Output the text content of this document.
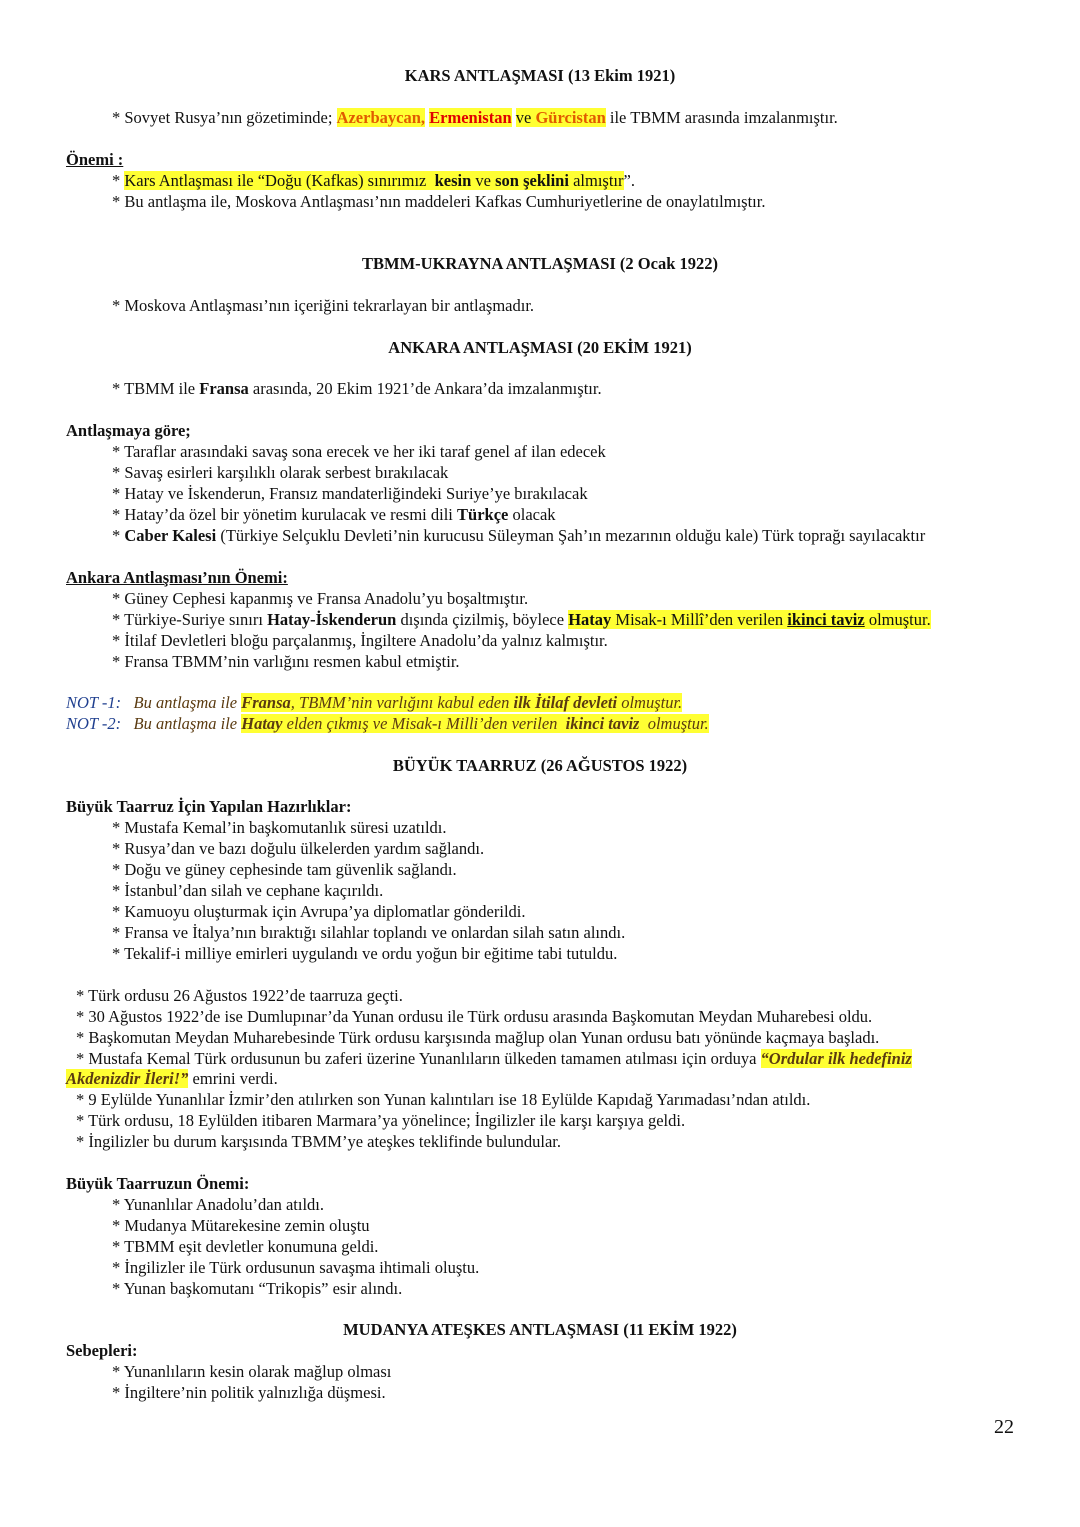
KARS ANTLAŞMASI (13 Ekim 1921)
* Sovyet Rusya’nın gözetiminde; Azerbaycan, Ermenistan ve Gürcistan ile TBMM arasında imzalanmıştır.
Önemi :
* Kars Antlaşması ile “Doğu (Kafkas) sınırımız kesin ve son şeklini almıştır”.
* Bu antlaşma ile, Moskova Antlaşması’nın maddeleri Kafkas Cumhuriyetlerine de onaylatılmıştır.
TBMM-UKRAYNA ANTLAŞMASI (2 Ocak 1922)
* Moskova Antlaşması’nın içeriğini tekrarlayan bir antlaşmadır.
ANKARA ANTLAŞMASI (20 EKİM 1921)
* TBMM ile Fransa arasında, 20 Ekim 1921’de Ankara’da imzalanmıştır.
Antlaşmaya göre;
* Taraflar arasındaki savaş sona erecek ve her iki taraf genel af ilan edecek
* Savaş esirleri karşılıklı olarak serbest bırakılacak
* Hatay ve İskenderun, Fransız mandaterliğindeki Suriye’ye bırakılacak
* Hatay’da özel bir yönetim kurulacak ve resmi dili Türkçe olacak
* Caber Kalesi (Türkiye Selçuklu Devleti’nin kurucusu Süleyman Şah’ın mezarının olduğu kale) Türk toprağı sayılacaktır
Ankara Antlaşması’nın Önemi:
* Güney Cephesi kapanmış ve Fransa Anadolu’yu boşaltmıştır.
* Türkiye-Suriye sınırı Hatay-İskenderun dışında çizilmiş, böylece Hatay Misak-ı Millî’den verilen ikinci taviz olmuştur.
* İtilaf Devletleri bloğu parçalanmış, İngiltere Anadolu’da yalnız kalmıştır.
* Fransa TBMM’nin varlığını resmen kabul etmiştir.
NOT -1: Bu antlaşma ile Fransa, TBMM’nin varlığını kabul eden ilk İtilaf devleti olmuştur.
NOT -2: Bu antlaşma ile Hatay elden çıkmış ve Misak-ı Milli’den verilen ikinci taviz olmuştur.
BÜYÜK TAARRUZ (26 AĞUSTOS 1922)
Büyük Taarruz İçin Yapılan Hazırlıklar:
* Mustafa Kemal’in başkomutanlık süresi uzatıldı.
* Rusya’dan ve bazı doğulu ülkelerden yardım sağlandı.
* Doğu ve güney cephesinde tam güvenlik sağlandı.
* İstanbul’dan silah ve cephane kaçırıldı.
* Kamuoyu oluşturmak için Avrupa’ya diplomatlar gönderildi.
* Fransa ve İtalya’nın bıraktığı silahlar toplandı ve onlardan silah satın alındı.
* Tekalif-i milliye emirleri uygulandı ve ordu yoğun bir eğitime tabi tutuldu.
* Türk ordusu 26 Ağustos 1922’de taarruza geçti.
* 30 Ağustos 1922’de ise Dumlupınar’da Yunan ordusu ile Türk ordusu arasında Başkomutan Meydan Muharebesi oldu.
* Başkomutan Meydan Muharebesinde Türk ordusu karşısında mağlup olan Yunan ordusu batı yönünde kaçmaya başladı.
* Mustafa Kemal Türk ordusunun bu zaferi üzerine Yunanlıların ülkeden tamamen atılması için orduya “Ordular ilk hedefiniz
Akdenizdir İleri!” emrini verdi.
* 9 Eylülde Yunanlılar İzmir’den atılırken son Yunan kalıntıları ise 18 Eylülde Kapıdağ Yarımadası’ndan atıldı.
* Türk ordusu, 18 Eylülden itibaren Marmara’ya yönelince; İngilizler ile karşı karşıya geldi.
* İngilizler bu durum karşısında TBMM’ye ateşkes teklifinde bulundular.
Büyük Taarruzun Önemi:
* Yunanlılar Anadolu’dan atıldı.
* Mudanya Mütarekesine zemin oluştu
* TBMM eşit devletler konumuna geldi.
* İngilizler ile Türk ordusunun savaşma ihtimali oluştu.
* Yunan başkomutanı “Trikopis” esir alındı.
MUDANYA ATEŞKES ANTLAŞMASI (11 EKİM 1922)
Sebepleri:
* Yunanlıların kesin olarak mağlup olması
* İngiltere’nin politik yalnızlığa düşmesi.
22
